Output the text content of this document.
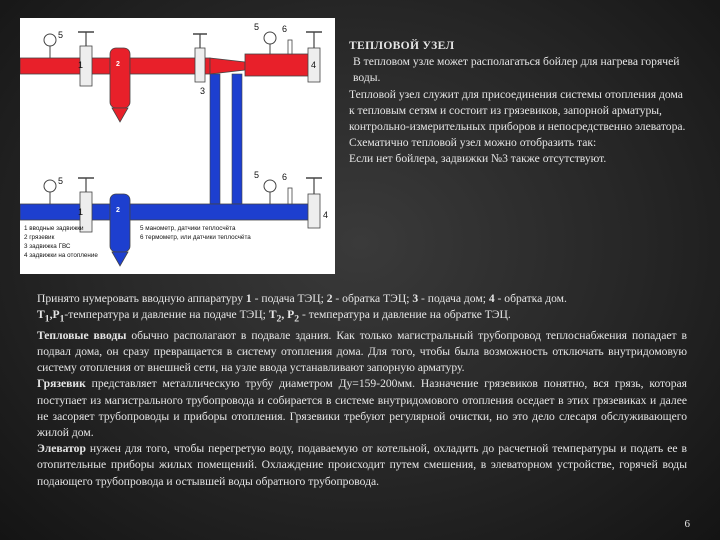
1	4
2
5
5	6
1	2
5
5	6
4
3
1 вводные задвижки
2 грязевик
3 задвижка ГВС
4 задвижки на отопление
5 манометр, датчики теплосчёта
6 термометр, или датчики теплосчёта
ТЕПЛОВОЙ УЗЕЛ
В тепловом узле может располагаться бойлер для нагрева горячей воды.
Тепловой узел служит для присоединения системы отопления дома к тепловым сетям и состоит из грязевиков, запорной арматуры, контрольно-измерительных приборов и непосредственно элеватора.
Схематично тепловой узел можно отобразить так:
Если нет бойлера, задвижки №3 также отсутствуют.

Принято нумеровать вводную аппаратуру 1 - подача ТЭЦ; 2 - обратка ТЭЦ; 3 - подача дом; 4 - обратка дом.

$Т_1,Р_1$-температура и давление на подаче ТЭЦ; $Т_2$, $Р_2$ - температура и давление на обратке ТЭЦ.

Тепловые вводы обычно располагают в подвале здания. Как только магистральный трубопровод теплоснабжения попадает в подвал дома, он сразу превращается в систему отопления дома. Для того, чтобы была возможность отключать внутридомовую систему отопления от внешней сети, на узле ввода устанавливают запорную арматуру.

Грязевик представляет металлическую трубу диаметром Ду=159-200мм. Назначение грязевиков понятно, вся грязь, которая поступает из магистрального трубопровода и собирается в системе внутридомового отопления оседает в этих грязевиках и далее не засоряет трубопроводы и приборы отопления. Грязевики требуют регулярной очистки, но это дело слесаря обслуживающего жилой дом.

Элеватор нужен для того, чтобы перегретую воду, подаваемую от котельной, охладить до расчетной температуры и подать ее в отопительные приборы жилых помещений. Охлаждение происходит путем смешения, в элеваторном устройстве, горячей воды подающего трубопровода и остывшей воды обратного трубопровода.

6
